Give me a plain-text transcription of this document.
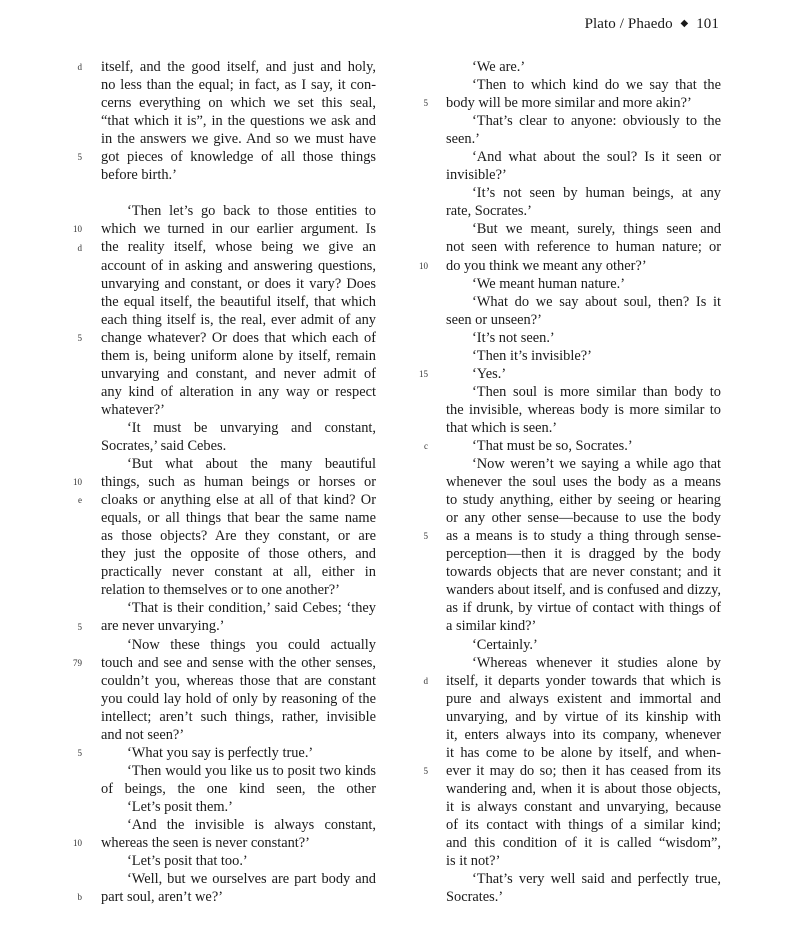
Plato / Phaedo ◆ 101
d
5
10
d
5
10
e
5
79
5
10
b
itself, and the good itself, and just and holy,
no less than the equal; in fact, as I say, it con-
cerns everything on which we set this seal,
“that which it is”, in the questions we ask and
in the answers we give. And so we must have
got pieces of knowledge of all those things
before birth.’
‘Then let’s go back to those entities to
which we turned in our earlier argument. Is
the reality itself, whose being we give an
account of in asking and answering questions,
unvarying and constant, or does it vary? Does
the equal itself, the beautiful itself, that which
each thing itself is, the real, ever admit of any
change whatever? Or does that which each of
them is, being uniform alone by itself, remain
unvarying and constant, and never admit of
any kind of alteration in any way or respect
whatever?’
‘It must be unvarying and constant,
Socrates,’ said Cebes.
‘But what about the many beautiful
things, such as human beings or horses or
cloaks or anything else at all of that kind? Or
equals, or all things that bear the same name
as those objects? Are they constant, or are
they just the opposite of those others, and
practically never constant at all, either in
relation to themselves or to one another?’
‘That is their condition,’ said Cebes; ‘they
are never unvarying.’
‘Now these things you could actually
touch and see and sense with the other senses,
couldn’t you, whereas those that are constant
you could lay hold of only by reasoning of the
intellect; aren’t such things, rather, invisible
and not seen?’
‘What you say is perfectly true.’
‘Then would you like us to posit two kinds
of beings, the one kind seen, the other
‘Let’s posit them.’
‘And the invisible is always constant,
whereas the seen is never constant?’
‘Let’s posit that too.’
‘Well, but we ourselves are part body and
part soul, aren’t we?’
5
10
15
c
5
d
5
‘We are.’
‘Then to which kind do we say that the
body will be more similar and more akin?’
‘That’s clear to anyone: obviously to the
seen.’
‘And what about the soul? Is it seen or
invisible?’
‘It’s not seen by human beings, at any
rate, Socrates.’
‘But we meant, surely, things seen and
not seen with reference to human nature; or
do you think we meant any other?’
‘We meant human nature.’
‘What do we say about soul, then? Is it
seen or unseen?’
‘It’s not seen.’
‘Then it’s invisible?’
‘Yes.’
‘Then soul is more similar than body to
the invisible, whereas body is more similar to
that which is seen.’
‘That must be so, Socrates.’
‘Now weren’t we saying a while ago that
whenever the soul uses the body as a means
to study anything, either by seeing or hearing
or any other sense—because to use the body
as a means is to study a thing through sense-
perception—then it is dragged by the body
towards objects that are never constant; and it
wanders about itself, and is confused and dizzy,
as if drunk, by virtue of contact with things of
a similar kind?’
‘Certainly.’
‘Whereas whenever it studies alone by
itself, it departs yonder towards that which is
pure and always existent and immortal and
unvarying, and by virtue of its kinship with
it, enters always into its company, whenever
it has come to be alone by itself, and when-
ever it may do so; then it has ceased from its
wandering and, when it is about those objects,
it is always constant and unvarying, because
of its contact with things of a similar kind;
and this condition of it is called “wisdom”,
is it not?’
‘That’s very well said and perfectly true,
Socrates.’
